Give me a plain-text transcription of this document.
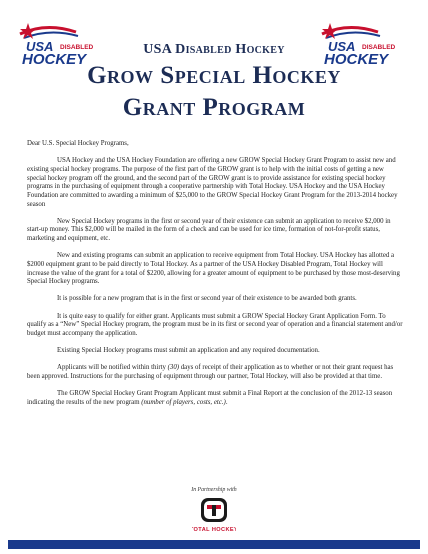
USA DISABLED
HOCKEY
USA DISABLED
HOCKEY
USA Disabled Hockey
Grow Special Hockey
Grant Program

Dear U.S. Special Hockey Programs,

USA Hockey and the USA Hockey Foundation are offering a new GROW Special Hockey Grant Program to assist new and existing special hockey programs. The purpose of the first part of the GROW grant is to help with the initial costs of getting a new special hockey program off the ground, and the second part of the GROW grant is to provide assistance for existing special hockey programs in the purchasing of equipment through a cooperative partnership with Total Hockey. USA Hockey and the USA Hockey Foundation are committed to awarding a minimum of $25,000 to the GROW Special Hockey Grant Program for the 2013-2014 hockey season

New Special Hockey programs in the first or second year of their existence can submit an application to receive $2,000 in start-up money. This $2,000 will be mailed in the form of a check and can be used for ice time, formation of not-for-profit status, marketing and equipment, etc.

New and existing programs can submit an application to receive equipment from Total Hockey. USA Hockey has allotted a $2000 equipment grant to be paid directly to Total Hockey. As a partner of the USA Hockey Disabled Program, Total Hockey will increase the value of the grant for a total of $2200, allowing for a greater amount of equipment to be purchased by those most-deserving Special Hockey programs.

It is possible for a new program that is in the first or second year of their existence to be awarded both grants.

It is quite easy to qualify for either grant. Applicants must submit a GROW Special Hockey Grant Application Form. To qualify as a “New” Special Hockey program, the program must be in its first or second year of operation and a financial statement and/or budget must accompany the application.

Existing Special Hockey programs must submit an application and any required documentation.

Applicants will be notified within thirty (30) days of receipt of their application as to whether or not their grant request has been approved. Instructions for the purchasing of equipment through our partner, Total Hockey, will also be provided at that time.

The GROW Special Hockey Grant Program Applicant must submit a Final Report at the conclusion of the 2012-13 season indicating the results of the new program (number of players, costs, etc.).

In Partnership with
TOTAL HOCKEY
